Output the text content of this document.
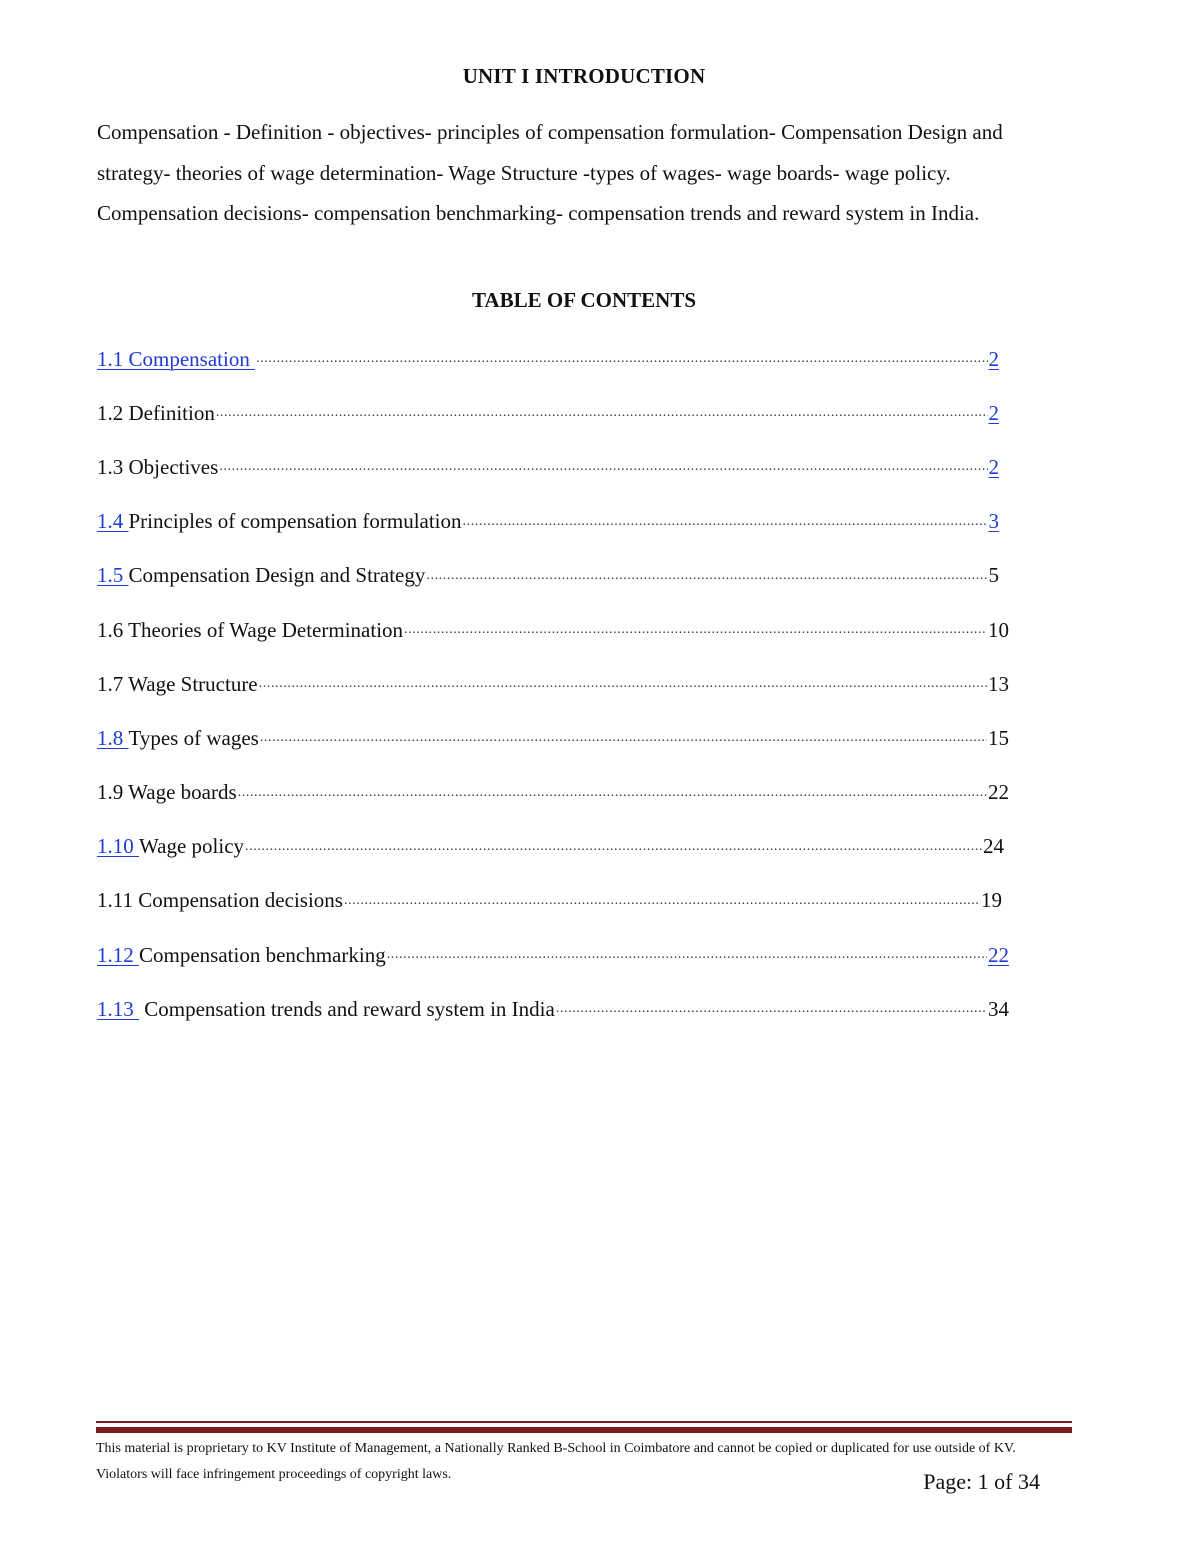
UNIT I INTRODUCTION

Compensation - Definition - objectives- principles of compensation formulation- Compensation Design and strategy- theories of wage determination- Wage Structure -types of wages- wage boards- wage policy. Compensation decisions- compensation benchmarking- compensation trends and reward system in India.

TABLE OF CONTENTS
1.1 Compensation .....	2
1.2 Definition .....	2
1.3 Objectives .....	2
1.4 Principles of compensation formulation .....	3
1.5 Compensation Design and Strategy .....	5
1.6 Theories of Wage Determination .....	10
1.7 Wage Structure .....	13
1.8 Types of wages .....	15
1.9 Wage boards .....	22
1.10 Wage policy .....	24
1.11 Compensation decisions .....	19
1.12 Compensation benchmarking .....	22
1.13 Compensation trends and reward system in India .....	34

This material is proprietary to KV Institute of Management, a Nationally Ranked B-School in Coimbatore and cannot be copied or duplicated for use outside of KV. Violators will face infringement proceedings of copyright laws.	Page: 1 of 34
